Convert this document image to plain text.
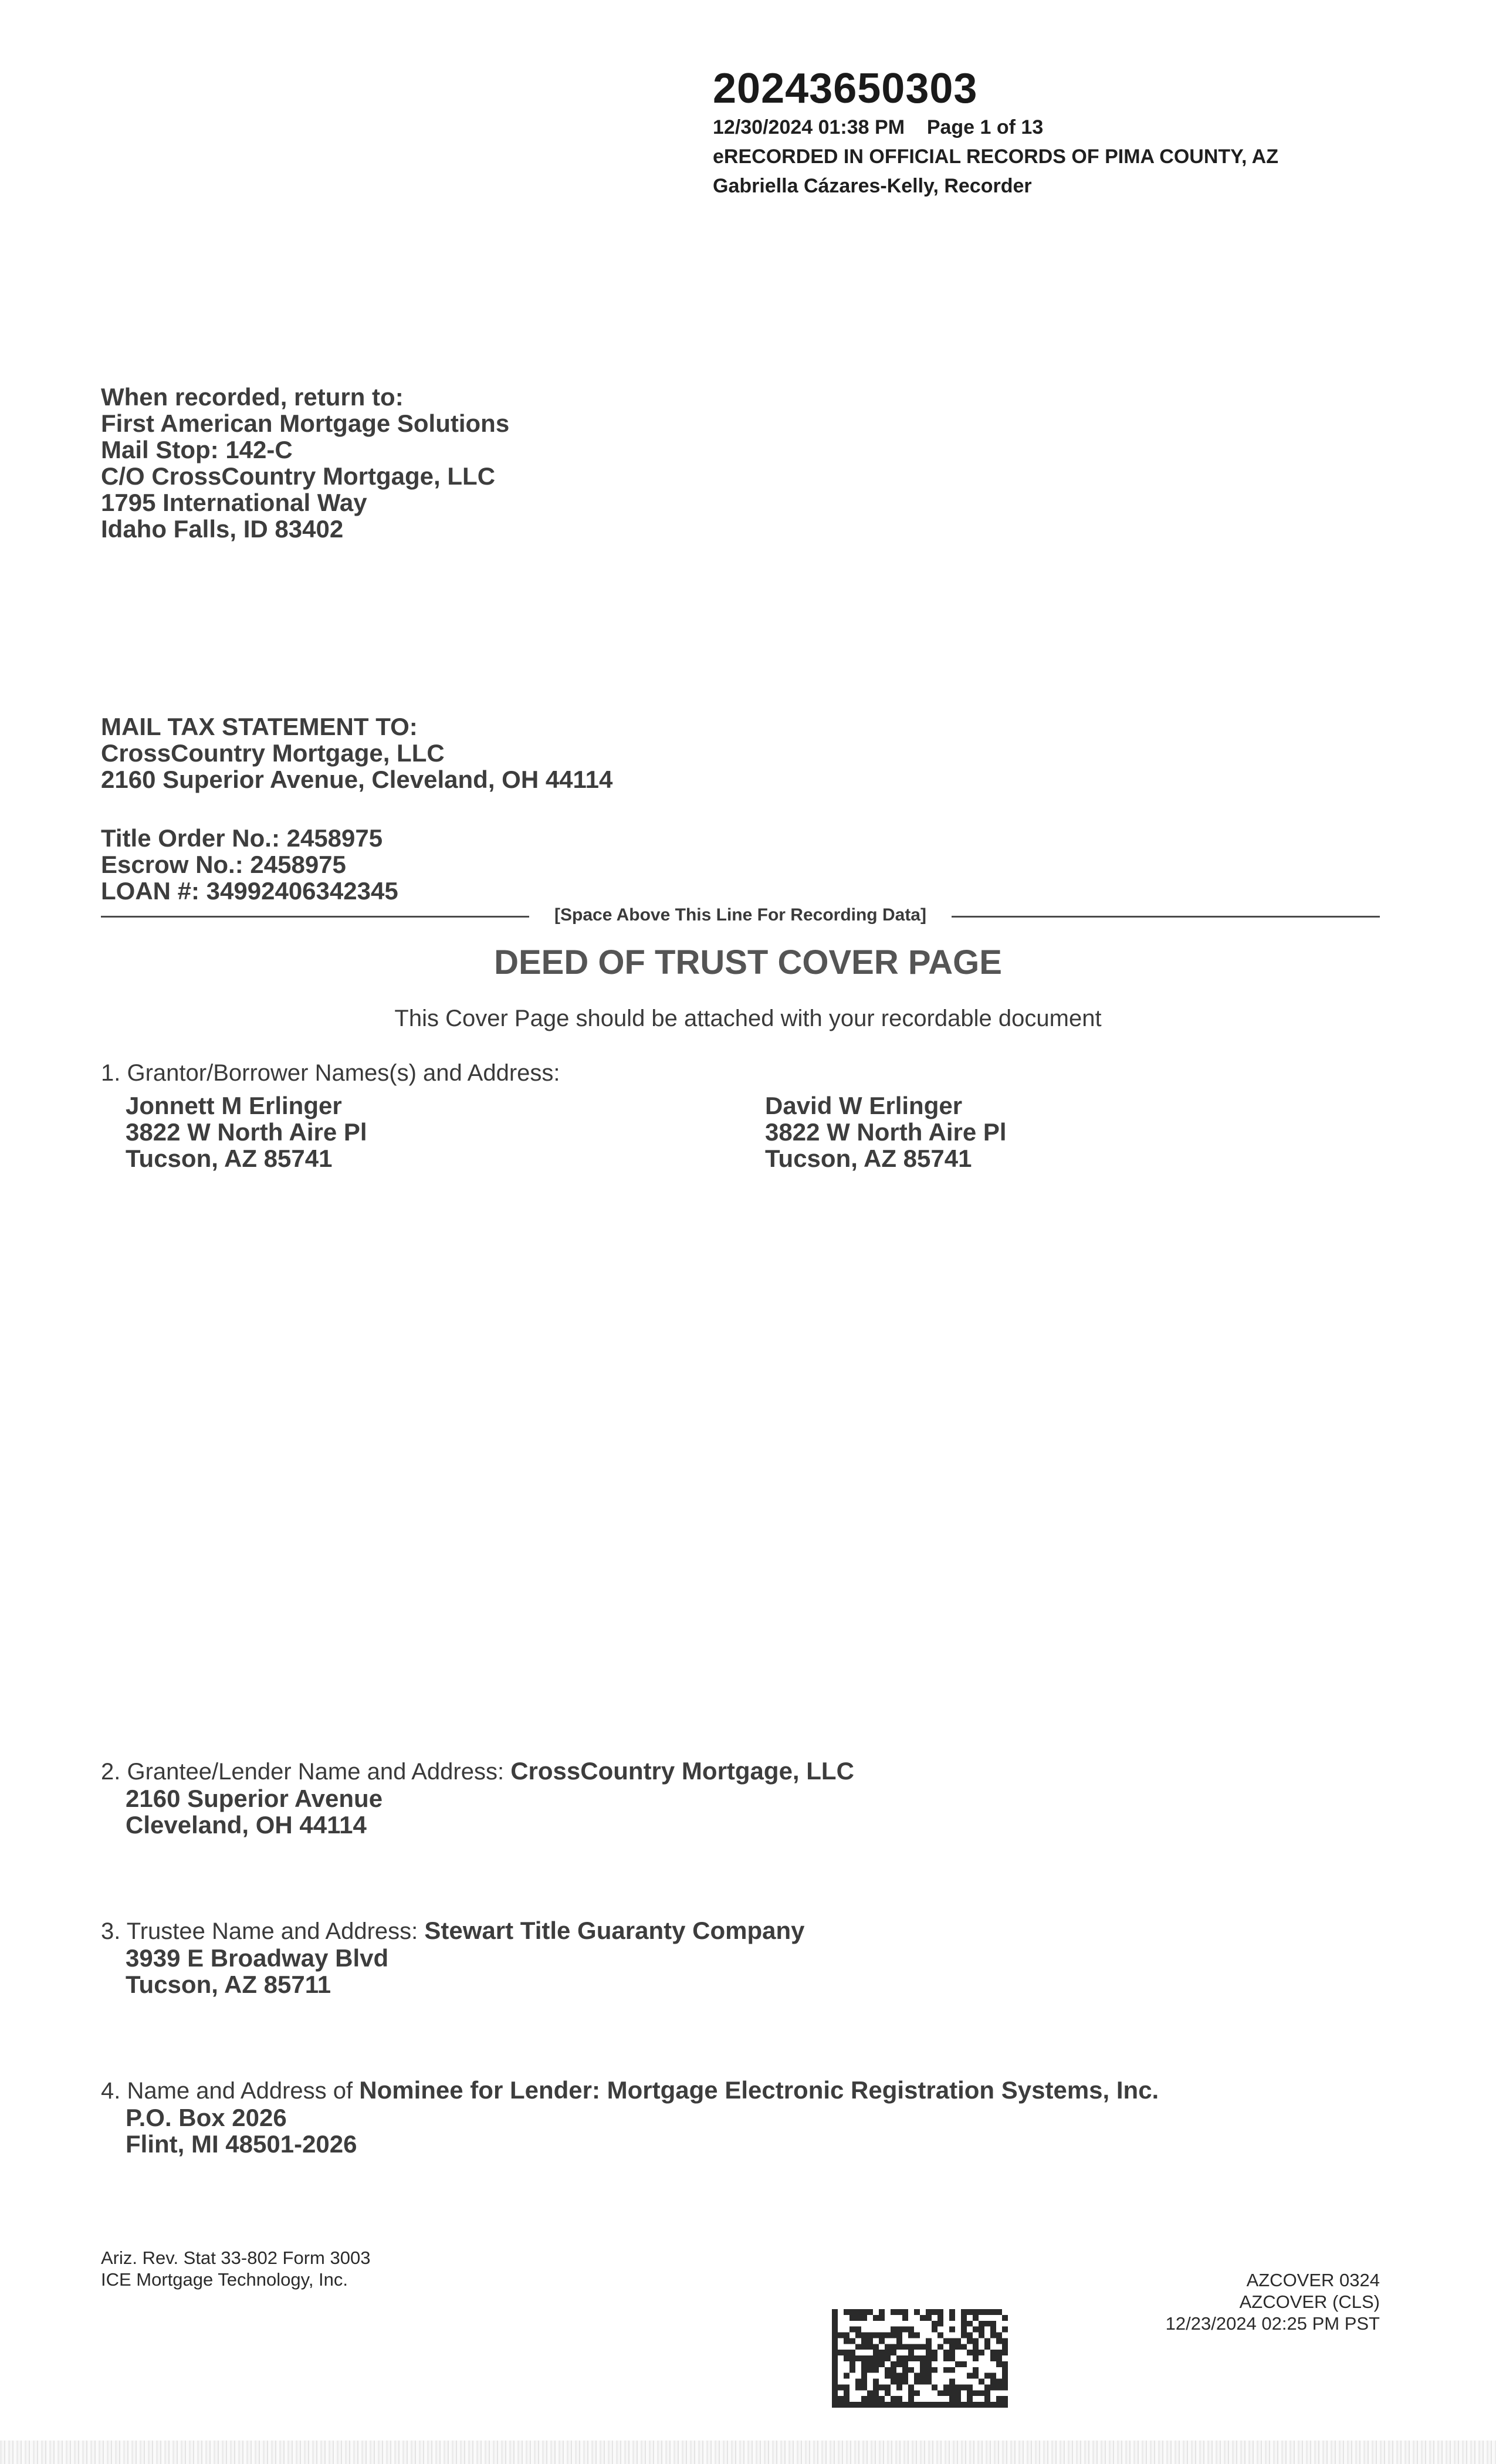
20243650303
12/30/2024 01:38 PM Page 1 of 13
eRECORDED IN OFFICIAL RECORDS OF PIMA COUNTY, AZ
Gabriella Cázares-Kelly, Recorder
When recorded, return to:
First American Mortgage Solutions
Mail Stop: 142-C
C/O CrossCountry Mortgage, LLC
1795 International Way
Idaho Falls, ID 83402
MAIL TAX STATEMENT TO:
CrossCountry Mortgage, LLC
2160 Superior Avenue, Cleveland, OH 44114
Title Order No.: 2458975
Escrow No.: 2458975
LOAN #: 34992406342345
[Space Above This Line For Recording Data]
DEED OF TRUST COVER PAGE
This Cover Page should be attached with your recordable document
1. Grantor/Borrower Names(s) and Address:
Jonnett M Erlinger
3822 W North Aire Pl
Tucson, AZ 85741
David W Erlinger
3822 W North Aire Pl
Tucson, AZ 85741
2. Grantee/Lender Name and Address: CrossCountry Mortgage, LLC
2160 Superior Avenue
Cleveland, OH 44114
3. Trustee Name and Address: Stewart Title Guaranty Company
3939 E Broadway Blvd
Tucson, AZ 85711
4. Name and Address of Nominee for Lender: Mortgage Electronic Registration Systems, Inc.
P.O. Box 2026
Flint, MI 48501-2026
Ariz. Rev. Stat 33-802 Form 3003
ICE Mortgage Technology, Inc.	AZCOVER 0324
AZCOVER (CLS)
12/23/2024 02:25 PM PST
